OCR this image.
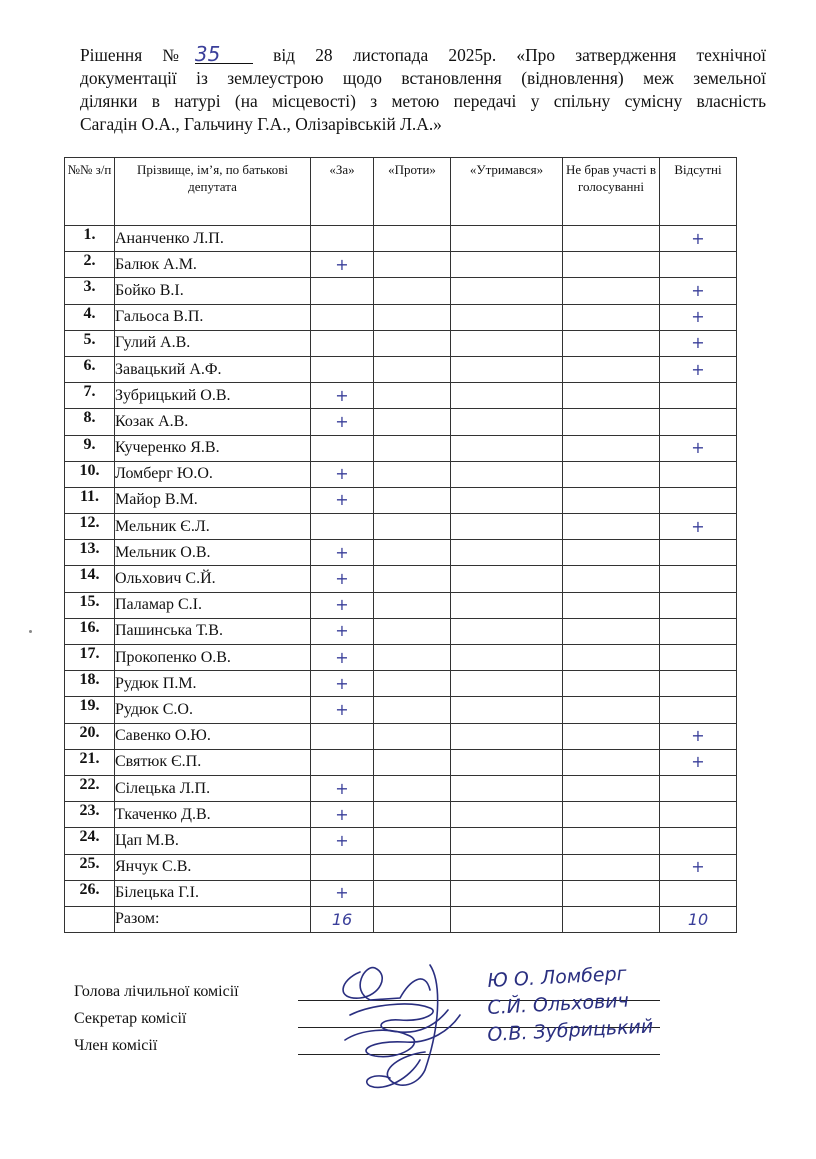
Рішення №35 від 28 листопада 2025р. «Про затвердження технічної
документації із землеустрою щодо встановлення (відновлення) меж земельної
ділянки в натурі (на місцевості) з метою передачі у спільну сумісну власність
Сагадін О.А., Гальчину Г.А., Олізарівській Л.А.»
№№ з/п	Прізвище, ім’я, по батькові депутата	«За»	«Проти»	«Утримався»	Не брав участі в голосуванні	Відсутні
1.	Ананченко Л.П.					+
2.	Балюк А.М.	+				
3.	Бойко В.І.					+
4.	Гальоса В.П.					+
5.	Гулий А.В.					+
6.	Завацький А.Ф.					+
7.	Зубрицький О.В.	+				
8.	Козак А.В.	+				
9.	Кучеренко Я.В.					+
10.	Ломберг Ю.О.	+				
11.	Майор В.М.	+				
12.	Мельник Є.Л.					+
13.	Мельник О.В.	+				
14.	Ольхович С.Й.	+				
15.	Паламар С.І.	+				
16.	Пашинська Т.В.	+				
17.	Прокопенко О.В.	+				
18.	Рудюк П.М.	+				
19.	Рудюк С.О.	+				
20.	Савенко О.Ю.					+
21.	Святюк Є.П.					+
22.	Сілецька Л.П.	+				
23.	Ткаченко Д.В.	+				
24.	Цап М.В.	+				
25.	Янчук С.В.					+
26.	Білецька Г.І.	+				
	Разом:	16				10
Голова лічильної комісії
Секретар комісії
Член комісії
Ю О. Ломберг
С.Й. Ольхович
О.В. Зубрицький
